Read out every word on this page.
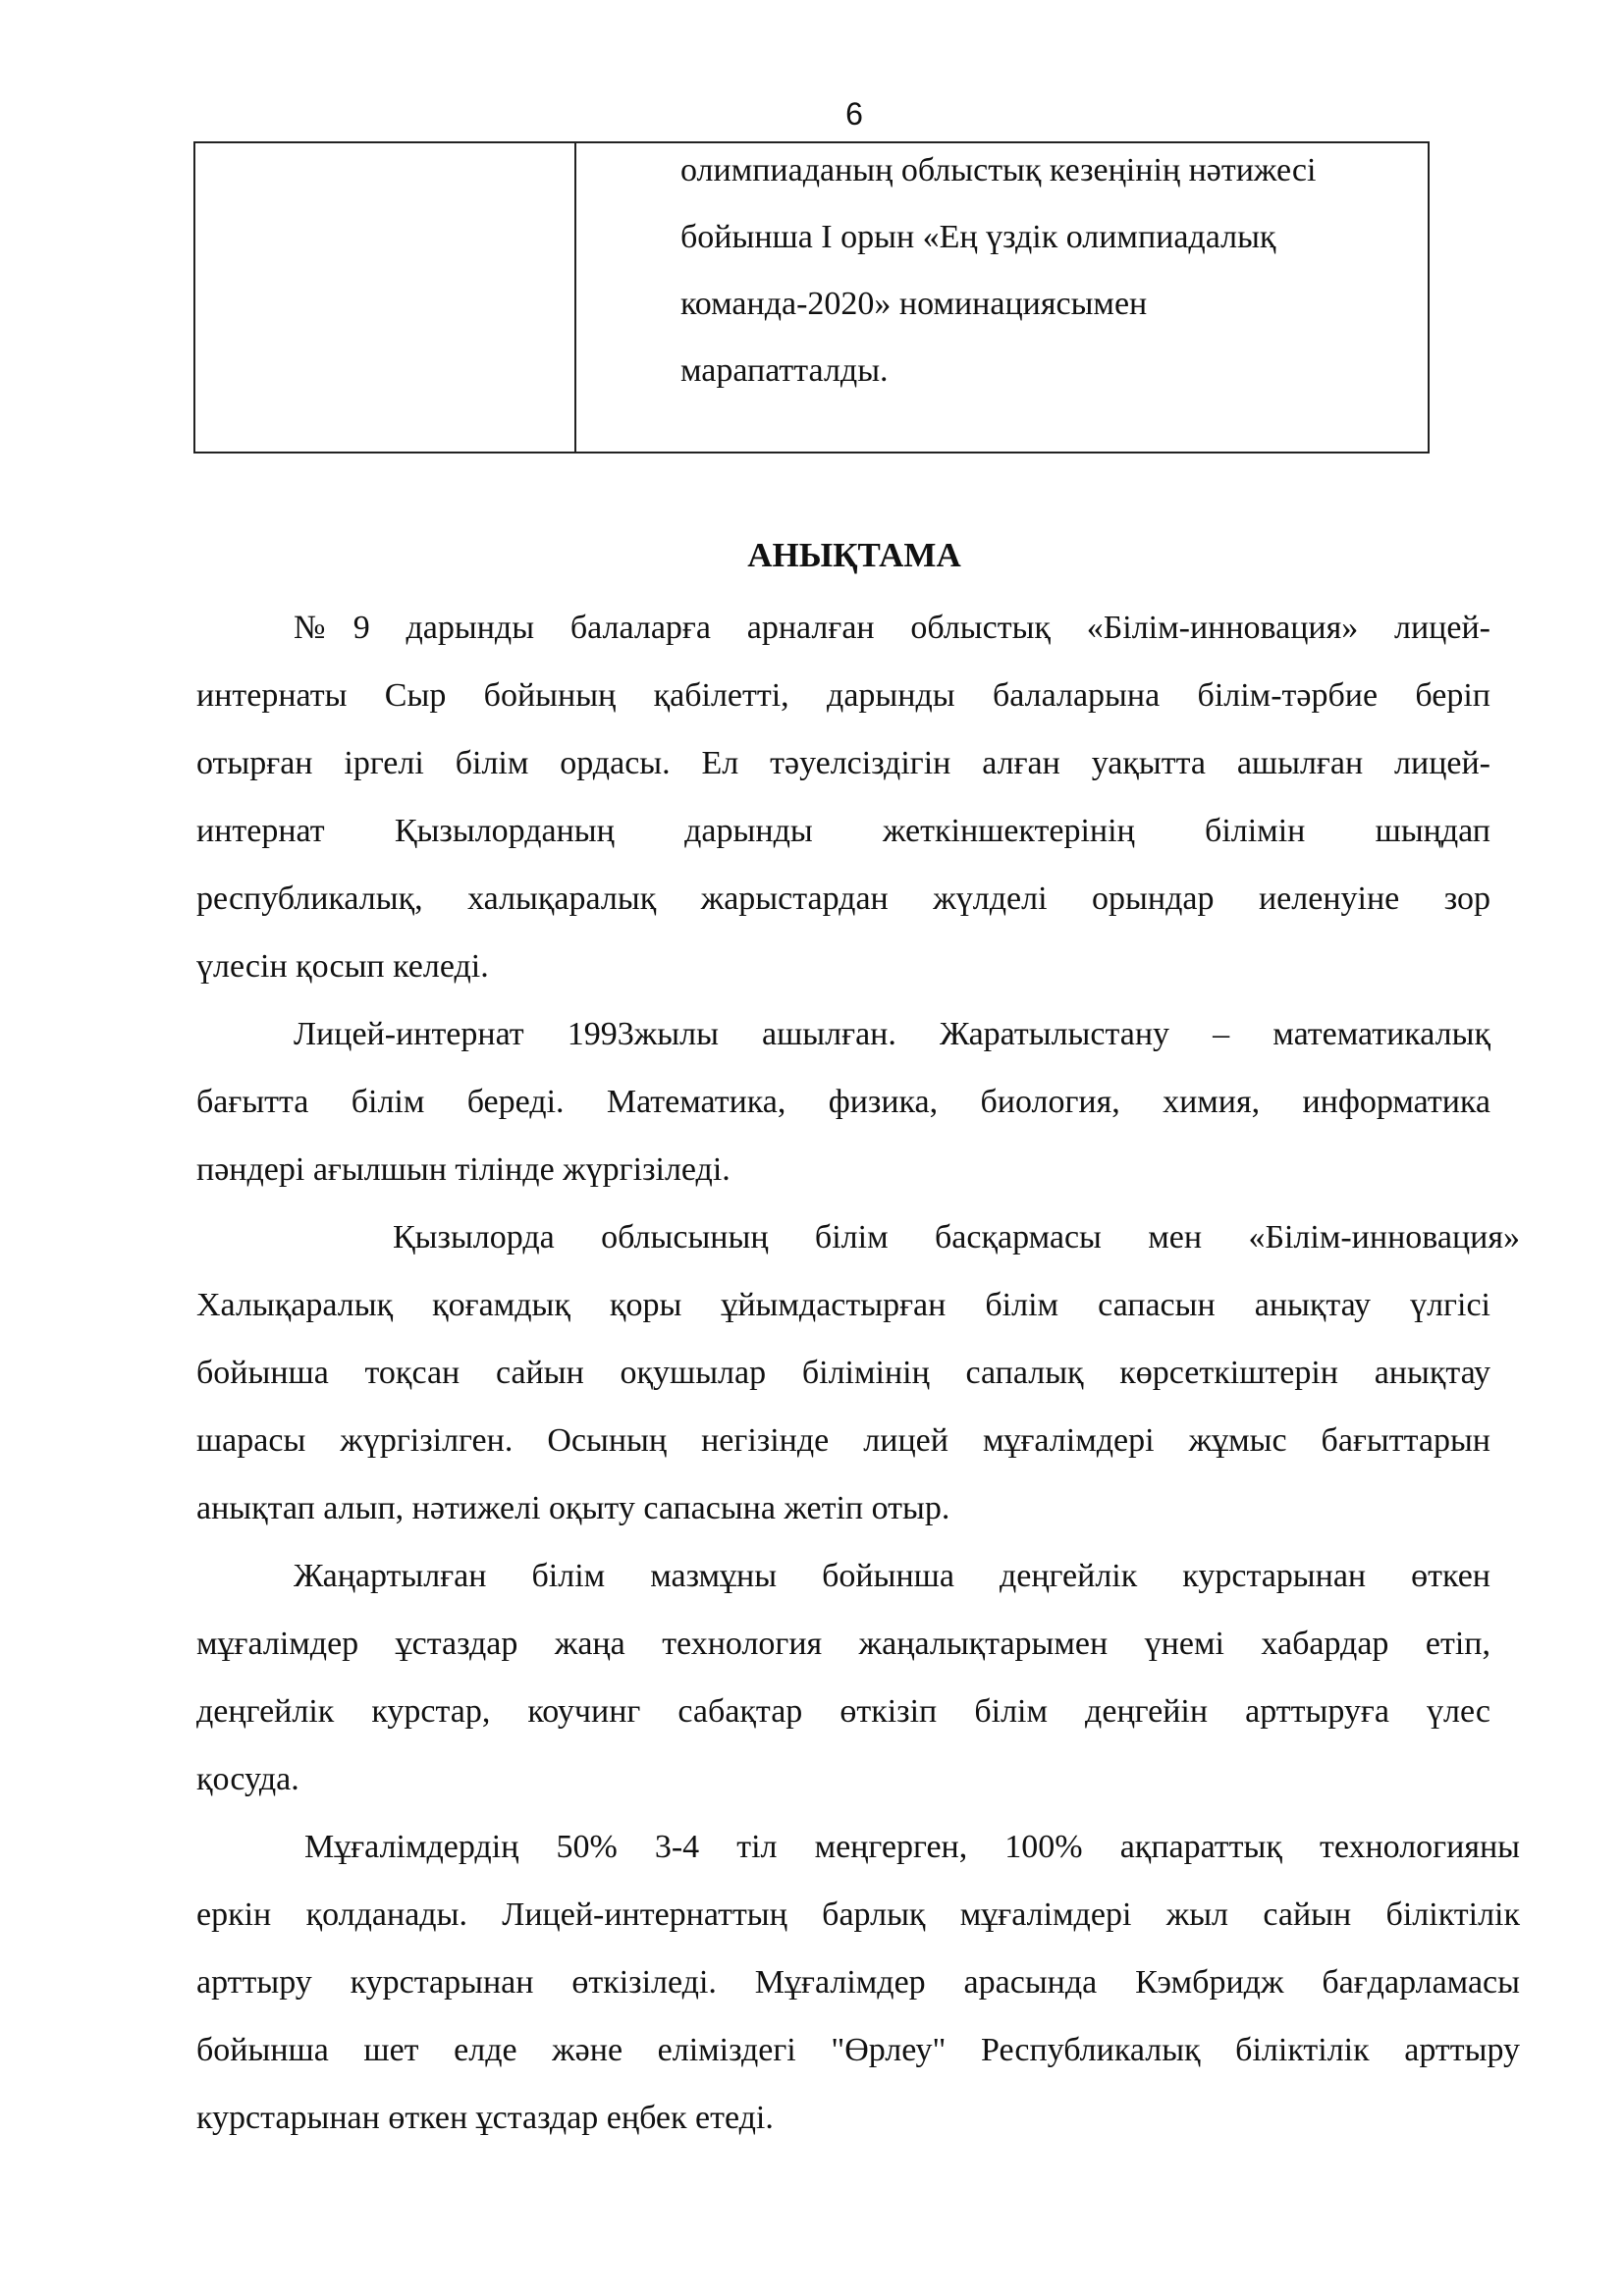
6
олимпиаданың облыстық кезеңінің нәтижесі
бойынша І орын «Ең үздік олимпиадалық
команда-2020» номинациясымен
марапатталды.
АНЫҚТАМА
№9 дарынды балаларға арналған облыстық «Білім-инновация» лицей-
интернаты Сыр бойының қабілетті, дарынды балаларына білім-тәрбие беріп
отырған іргелі білім ордасы. Ел тәуелсіздігін алған уақытта ашылған лицей-
интернат Қызылорданың дарынды жеткіншектерінің білімін шыңдап
республикалық, халықаралық жарыстардан жүлделі орындар иеленуіне зор
үлесін қосып келеді.
Лицей-интернат 1993жылы ашылған. Жаратылыстану – математикалық
бағытта білім береді. Математика, физика, биология, химия, информатика
пәндері ағылшын тілінде жүргізіледі.
Қызылорда облысының білім басқармасы мен «Білім-инновация»
Халықаралық қоғамдық қоры ұйымдастырған білім сапасын анықтау үлгісі
бойынша тоқсан сайын оқушылар білімінің сапалық көрсеткіштерін анықтау
шарасы жүргізілген. Осының негізінде лицей мұғалімдері жұмыс бағыттарын
анықтап алып, нәтижелі оқыту сапасына жетіп отыр.
Жаңартылған білім мазмұны бойынша деңгейлік курстарынан өткен
мұғалімдер ұстаздар жаңа технология жаңалықтарымен үнемі хабардар етіп,
деңгейлік курстар, коучинг сабақтар өткізіп білім деңгейін арттыруға үлес
қосуда.
Мұғалімдердің 50% 3-4 тіл меңгерген, 100% ақпараттық технологияны
еркін қолданады. Лицей-интернаттың барлық мұғалімдері жыл сайын біліктілік
арттыру курстарынан өткізіледі. Мұғалімдер арасында Кэмбридж бағдарламасы
бойынша шет елде және еліміздегі "Өрлеу" Республикалық біліктілік арттыру
курстарынан өткен ұстаздар еңбек етеді.
